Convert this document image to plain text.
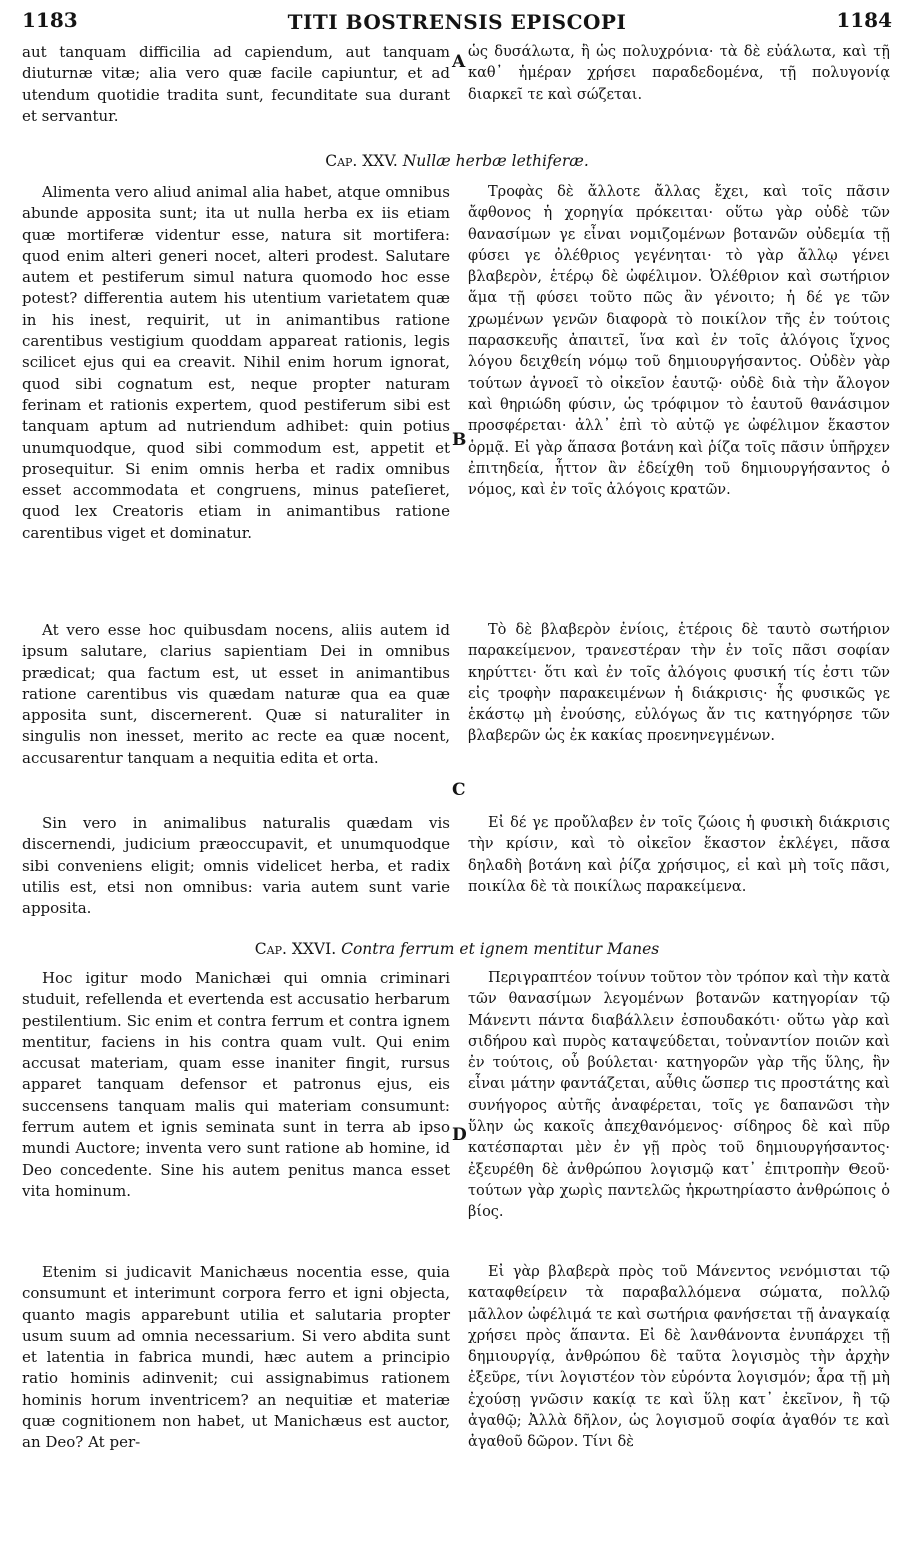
1183	TITI BOSTRENSIS EPISCOPI	1184

aut tanquam difficilia ad capiendum, aut tanquam diuturnæ vitæ; alia vero quæ facile capiuntur, et ad utendum quotidie tradita sunt, fecunditate sua durant et servantur.

ὡς δυσάλωτα, ἢ ὡς πολυχρόνια· τὰ δὲ εὐάλωτα, καὶ τῇ καθ᾽ ἡμέραν χρήσει παραδεδομένα, τῇ πολυγονίᾳ διαρκεῖ τε καὶ σώζεται.

A
Cap. XXV. Nullæ herbæ lethiferæ.

Alimenta vero aliud animal alia habet, atque omnibus abunde apposita sunt; ita ut nulla herba ex iis etiam quæ mortiferæ videntur esse, natura sit mortifera: quod enim alteri generi nocet, alteri prodest. Salutare autem et pestiferum simul natura quomodo hoc esse potest? differentia autem his utentium varietatem quæ in his inest, requirit, ut in animantibus ratione carentibus vestigium quoddam appareat rationis, legis scilicet ejus qui ea creavit. Nihil enim horum ignorat, quod sibi cognatum est, neque propter naturam ferinam et rationis expertem, quod pestiferum sibi est tanquam aptum ad nutriendum adhibet: quin potius unumquodque, quod sibi commodum est, appetit et prosequitur. Si enim omnis herba et radix omnibus esset accommodata et congruens, minus pateſieret, quod lex Creatoris etiam in animantibus ratione carentibus viget et dominatur.

Τροφὰς δὲ ἄλλοτε ἄλλας ἔχει, καὶ τοῖς πᾶσιν ἄφθονος ἡ χορηγία πρόκειται· οὕτω γὰρ οὐδὲ τῶν θανασίμων γε εἶναι νομιζομένων βοτανῶν οὐδεμία τῇ φύσει γε ὀλέθριος γεγένηται· τὸ γὰρ ἄλλῳ γένει βλαβερὸν, ἑτέρῳ δὲ ὠφέλιμον. Ὀλέθριον καὶ σωτήριον ἅμα τῇ φύσει τοῦτο πῶς ἂν γένοιτο; ἡ δέ γε τῶν χρωμένων γενῶν διαφορὰ τὸ ποικίλον τῆς ἐν τούτοις παρασκευῆς ἀπαιτεῖ, ἵνα καὶ ἐν τοῖς ἀλόγοις ἴχνος λόγου δειχθείη νόμῳ τοῦ δημιουργήσαντος. Οὐδὲν γὰρ τούτων ἀγνοεῖ τὸ οἰκεῖον ἑαυτῷ· οὐδὲ διὰ τὴν ἄλογον καὶ θηριώδη φύσιν, ὡς τρόφιμον τὸ ἑαυτοῦ θανάσιμον προσφέρεται· ἀλλ᾽ ἐπὶ τὸ αὐτῷ γε ὠφέλιμον ἕκαστον ὁρμᾷ. Εἰ γὰρ ἅπασα βοτάνη καὶ ῥίζα τοῖς πᾶσιν ὑπῆρχεν ἐπιτηδεία, ἧττον ἂν ἐδείχθη τοῦ δημιουργήσαντος ὁ νόμος, καὶ ἐν τοῖς ἀλόγοις κρατῶν.

B

At vero esse hoc quibusdam nocens, aliis autem id ipsum salutare, clarius sapientiam Dei in omnibus prædicat; qua factum est, ut esset in animantibus ratione carentibus vis quædam naturæ qua ea quæ apposita sunt, discernerent. Quæ si naturaliter in singulis non inesset, merito ac recte ea quæ nocent, accusarentur tanquam a nequitia edita et orta.

Τὸ δὲ βλαβερὸν ἐνίοις, ἑτέροις δὲ ταυτὸ σωτήριον παρακείμενον, τρανεστέραν τὴν ἐν τοῖς πᾶσι σοφίαν κηρύττει· ὅτι καὶ ἐν τοῖς ἀλόγοις φυσική τίς ἐστι τῶν εἰς τροφὴν παρακειμένων ἡ διάκρισις· ἧς φυσικῶς γε ἑκάστῳ μὴ ἐνούσης, εὐλόγως ἄν τις κατηγόρησε τῶν βλαβερῶν ὡς ἐκ κακίας προενηνεγμένων.

C

Sin vero in animalibus naturalis quædam vis discernendi, judicium præoccupavit, et unumquodque sibi conveniens eligit; omnis videlicet herba, et radix utilis est, etsi non omnibus: varia autem sunt varie apposita.

Εἰ δέ γε προὔλαβεν ἐν τοῖς ζώοις ἡ φυσικὴ διάκρισις τὴν κρίσιν, καὶ τὸ οἰκεῖον ἕκαστον ἐκλέγει, πᾶσα δηλαδὴ βοτάνη καὶ ῥίζα χρήσιμος, εἰ καὶ μὴ τοῖς πᾶσι, ποικίλα δὲ τὰ ποικίλως παρακείμενα.

Cap. XXVI. Contra ferrum et ignem mentitur Manes

Hoc igitur modo Manichæi qui omnia criminari studuit, refellenda et evertenda est accusatio herbarum pestilentium. Sic enim et contra ferrum et contra ignem mentitur, faciens in his contra quam vult. Qui enim accusat materiam, quam esse inaniter fingit, rursus apparet tanquam defensor et patronus ejus, eis succensens tanquam malis qui materiam consumunt: ferrum autem et ignis seminata sunt in terra ab ipso mundi Auctore; inventa vero sunt ratione ab homine, id Deo concedente. Sine his autem penitus manca esset vita hominum.

Περιγραπτέον τοίνυν τοῦτον τὸν τρόπον καὶ τὴν κατὰ τῶν θανασίμων λεγομένων βοτανῶν κατηγορίαν τῷ Μάνεντι πάντα διαβάλλειν ἐσπουδακότι· οὕτω γὰρ καὶ σιδήρου καὶ πυρὸς καταψεύδεται, τοὐναντίον ποιῶν καὶ ἐν τούτοις, οὗ βούλεται· κατηγορῶν γὰρ τῆς ὕλης, ἣν εἶναι μάτην φαντάζεται, αὖθις ὥσπερ τις προστάτης καὶ συνήγορος αὐτῆς ἀναφέρεται, τοῖς γε δαπανῶσι τὴν ὕλην ὡς κακοῖς ἀπεχθανόμενος· σίδηρος δὲ καὶ πῦρ κατέσπαρται μὲν ἐν γῇ πρὸς τοῦ δημιουργήσαντος· ἐξευρέθη δὲ ἀνθρώπου λογισμῷ κατ᾽ ἐπιτροπὴν Θεοῦ· τούτων γὰρ χωρὶς παντελῶς ἠκρωτηρίαστο ἀνθρώποις ὁ βίος.

D

Etenim si judicavit Manichæus nocentia esse, quia consumunt et interimunt corpora ferro et igni objecta, quanto magis apparebunt utilia et salutaria propter usum suum ad omnia necessarium. Si vero abdita sunt et latentia in fabrica mundi, hæc autem a principio ratio hominis adinvenit; cui assignabimus rationem hominis horum inventricem? an nequitiæ et materiæ quæ cognitionem non habet, ut Manichæus est auctor, an Deo? At per-

Εἰ γὰρ βλαβερὰ πρὸς τοῦ Μάνεντος νενόμισται τῷ καταφθείρειν τὰ παραβαλλόμενα σώματα, πολλῷ μᾶλλον ὠφέλιμά τε καὶ σωτήρια φανήσεται τῇ ἀναγκαίᾳ χρήσει πρὸς ἅπαντα. Εἰ δὲ λανθάνοντα ἐνυπάρχει τῇ δημιουργίᾳ, ἀνθρώπου δὲ ταῦτα λογισμὸς τὴν ἀρχὴν ἐξεῦρε, τίνι λογιστέον τὸν εὑρόντα λογισμόν; ἆρα τῇ μὴ ἐχούσῃ γνῶσιν κακίᾳ τε καὶ ὕλῃ κατ᾽ ἐκεῖνον, ἢ τῷ ἀγαθῷ; Ἀλλὰ δῆλον, ὡς λογισμοῦ σοφία ἀγαθόν τε καὶ ἀγαθοῦ δῶρον. Τίνι δὲ
